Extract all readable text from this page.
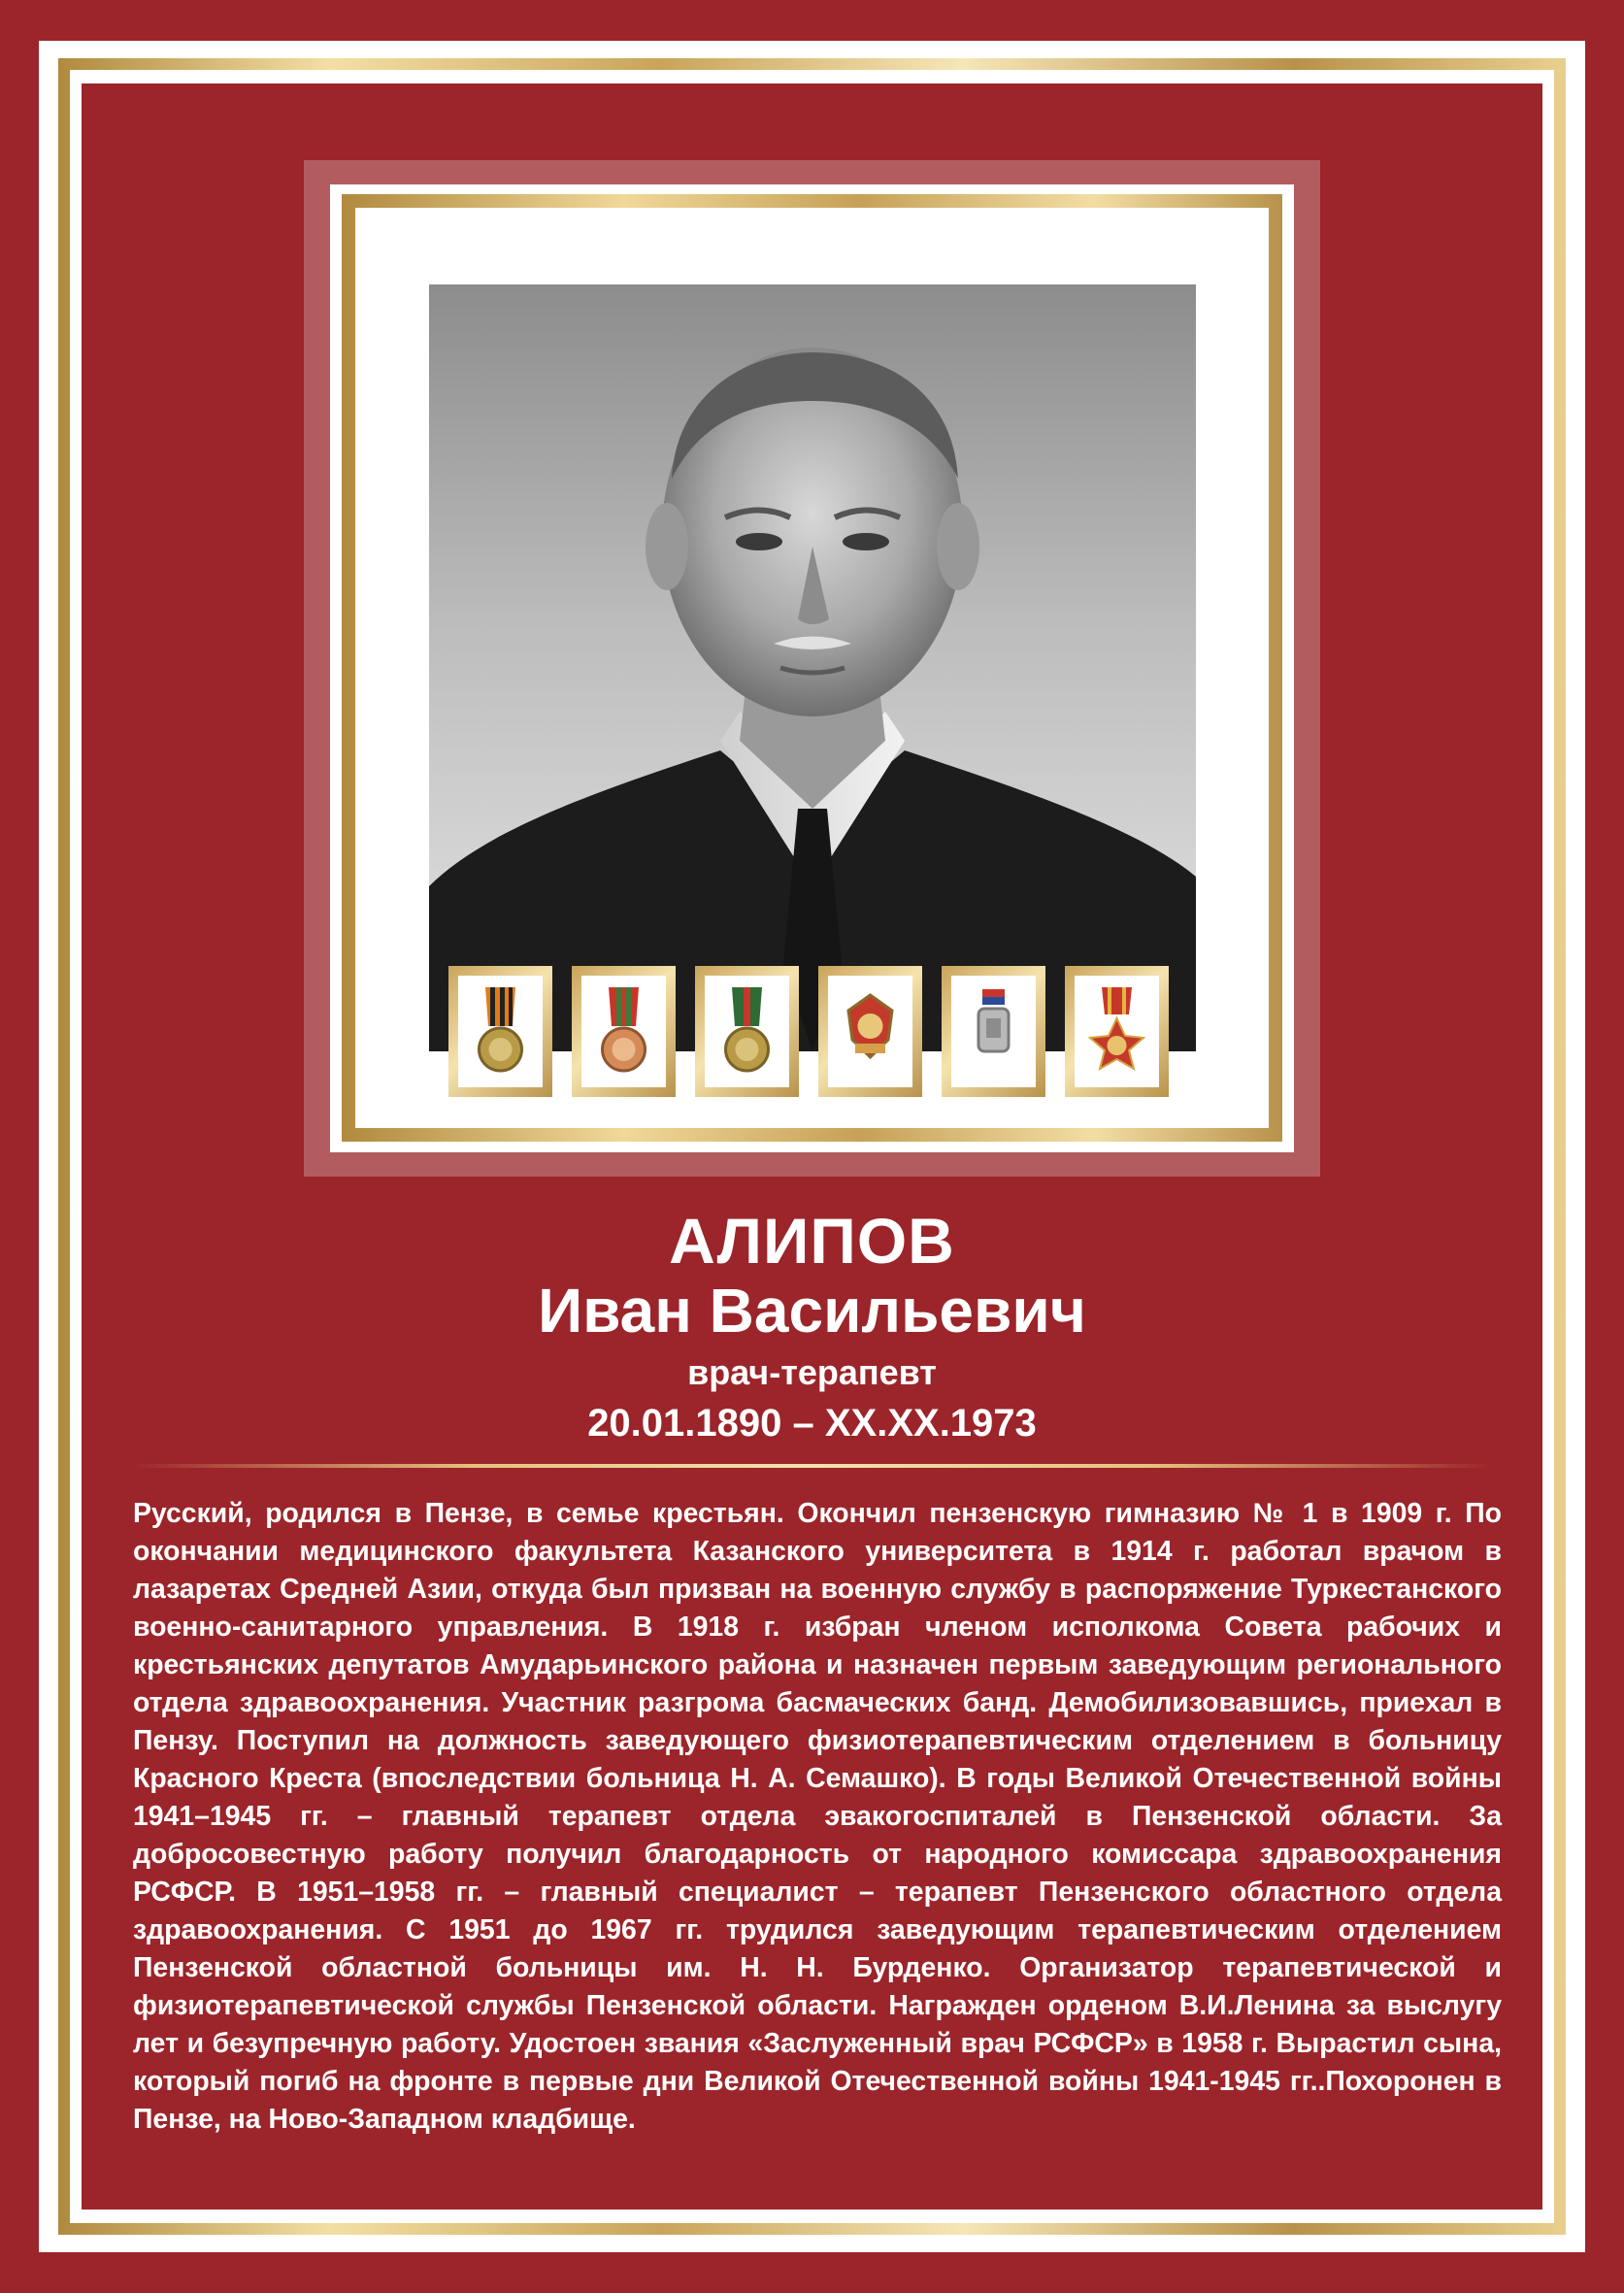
АЛИПОВ
Иван Васильевич
врач-терапевт
20.01.1890 – XX.XX.1973

Русский, родился в Пензе, в семье крестьян. Окончил пензенскую гимназию № 1 в 1909 г. По окончании медицинского факультета Казанского университета в 1914 г. работал врачом в лазаретах Средней Азии, откуда был призван на военную службу в распоряжение Туркестанского военно-санитарного управления. В 1918 г. избран членом исполкома Совета рабочих и крестьянских депутатов Амударьинского района и назначен первым заведующим регионального отдела здравоохранения. Участник разгрома басмаческих банд. Демобилизовавшись, приехал в Пензу. Поступил на должность заведующего физиотерапевтическим отделением в больницу Красного Креста (впоследствии больница Н. А. Семашко). В годы Великой Отечественной войны 1941–1945 гг. – главный терапевт отдела эвакогоспиталей в Пензенской области. За добросовестную работу получил благодарность от народного комиссара здравоохранения РСФСР. В 1951–1958 гг. – главный специалист – терапевт Пензенского областного отдела здравоохранения. С 1951 до 1967 гг. трудился заведующим терапевтическим отделением Пензенской областной больницы им. Н. Н. Бурденко. Организатор терапевтической и физиотерапевтической службы Пензенской области. Награжден орденом В.И.Ленина за выслугу лет и безупречную работу. Удостоен звания «Заслуженный врач РСФСР» в 1958 г. Вырастил сына, который погиб на фронте в первые дни Великой Отечественной войны 1941-1945 гг..Похоронен в Пензе, на Ново-Западном кладбище.
